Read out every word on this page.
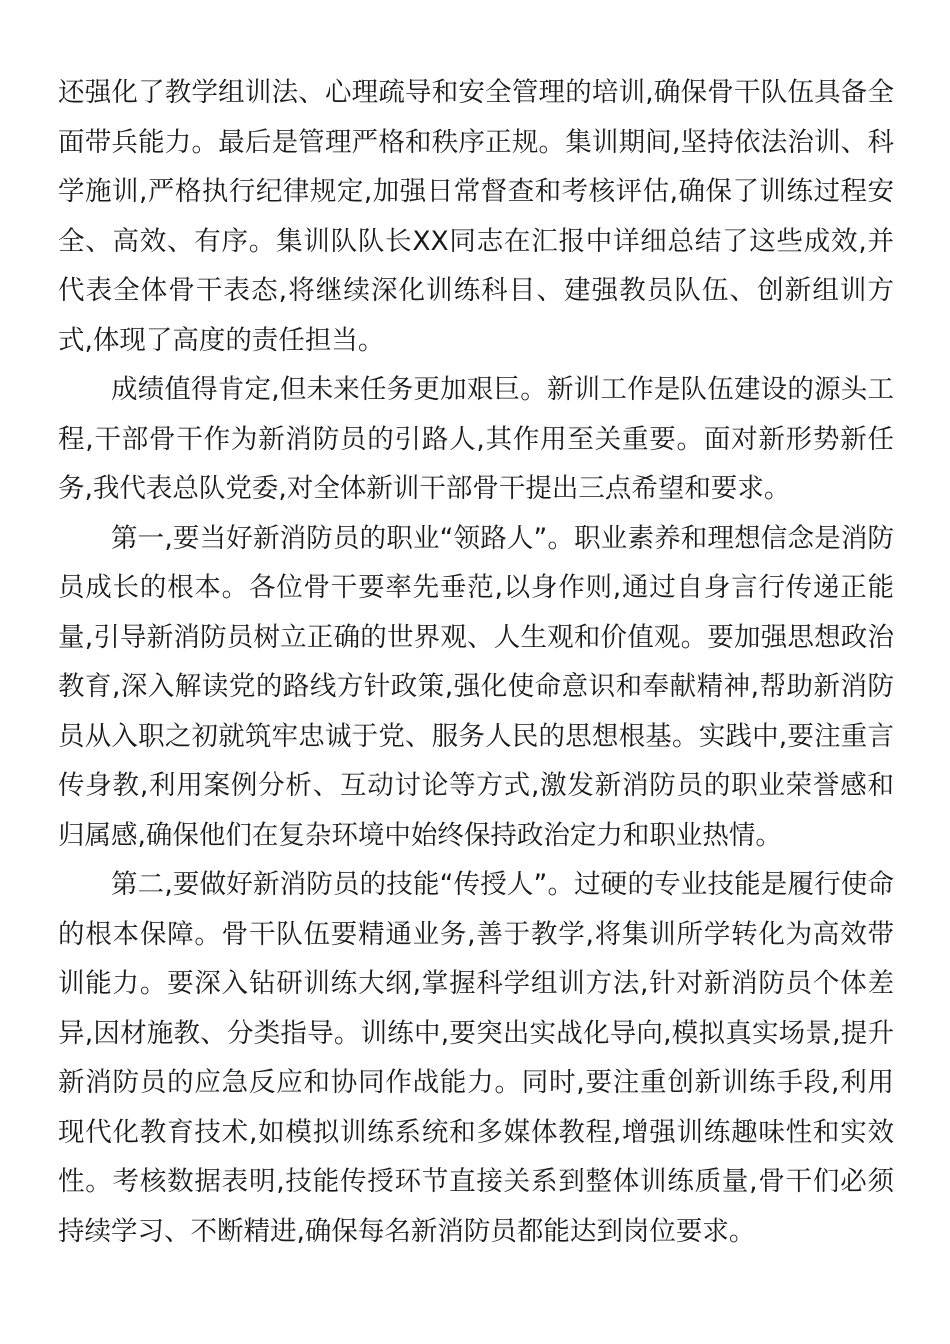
还强化了教学组训法、心理疏导和安全管理的培训,确保骨干队伍具备全面带兵能力。最后是管理严格和秩序正规。集训期间,坚持依法治训、科学施训,严格执行纪律规定,加强日常督查和考核评估,确保了训练过程安全、高效、有序。集训队队长XX同志在汇报中详细总结了这些成效,并代表全体骨干表态,将继续深化训练科目、建强教员队伍、创新组训方式,体现了高度的责任担当。

成绩值得肯定,但未来任务更加艰巨。新训工作是队伍建设的源头工程,干部骨干作为新消防员的引路人,其作用至关重要。面对新形势新任务,我代表总队党委,对全体新训干部骨干提出三点希望和要求。

第一,要当好新消防员的职业“领路人”。职业素养和理想信念是消防员成长的根本。各位骨干要率先垂范,以身作则,通过自身言行传递正能量,引导新消防员树立正确的世界观、人生观和价值观。要加强思想政治教育,深入解读党的路线方针政策,强化使命意识和奉献精神,帮助新消防员从入职之初就筑牢忠诚于党、服务人民的思想根基。实践中,要注重言传身教,利用案例分析、互动讨论等方式,激发新消防员的职业荣誉感和归属感,确保他们在复杂环境中始终保持政治定力和职业热情。

第二,要做好新消防员的技能“传授人”。过硬的专业技能是履行使命的根本保障。骨干队伍要精通业务,善于教学,将集训所学转化为高效带训能力。要深入钻研训练大纲,掌握科学组训方法,针对新消防员个体差异,因材施教、分类指导。训练中,要突出实战化导向,模拟真实场景,提升新消防员的应急反应和协同作战能力。同时,要注重创新训练手段,利用现代化教育技术,如模拟训练系统和多媒体教程,增强训练趣味性和实效性。考核数据表明,技能传授环节直接关系到整体训练质量,骨干们必须持续学习、不断精进,确保每名新消防员都能达到岗位要求。
